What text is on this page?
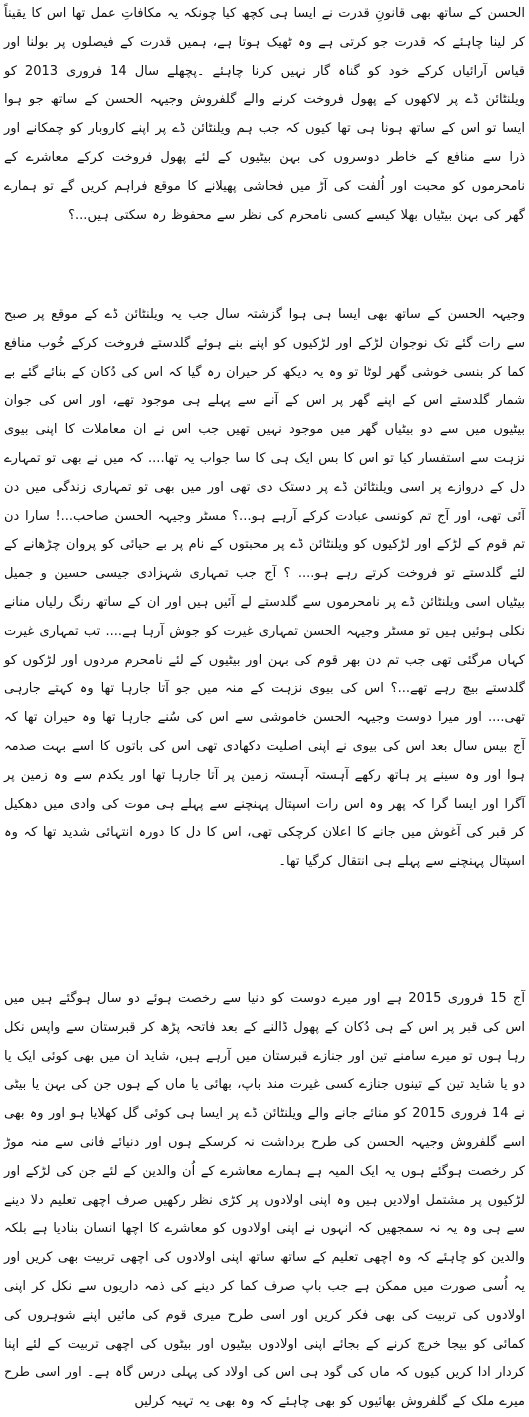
الحسن کے ساتھ بھی قانونِ قدرت نے ایسا ہی کچھ کیا چونکہ یہ مکافاتِ عمل تھا اس کا یقیناً کر لینا چاہئے کہ قدرت جو کرتی ہے وہ ٹھیک ہوتا ہے، ہمیں قدرت کے فیصلوں پر بولنا اور قیاس آرائیاں کرکے خود کو گناہ گار نہیں کرنا چاہئے ۔پچھلے سال 14 فروری 2013 کو ویلنٹائن ڈے پر لاکھوں کے پھول فروخت کرنے والے گلفروش وجیہہ الحسن کے ساتھ جو ہوا ایسا تو اس کے ساتھ ہونا ہی تھا کیوں کہ جب ہم ویلنٹائن ڈے پر اپنے کاروبار کو چمکانے اور ذرا سے منافع کے خاطر دوسروں کی بہن بیٹیوں کے لئے پھول فروخت کرکے معاشرے کے نامحرموں کو محبت اور اُلفت کی آڑ میں فحاشی پھیلانے کا موقع فراہم کریں گے تو ہمارے گھر کی بہن بیٹیاں بھلا کیسے کسی نامحرم کی نظر سے محفوظ رہ سکتی ہیں...؟

وجیہہ الحسن کے ساتھ بھی ایسا ہی ہوا گزشتہ سال جب یہ ویلنٹائن ڈے کے موقع پر صبح سے رات گئے تک نوجوان لڑکے اور لڑکیوں کو اپنے بنے ہوئے گلدستے فروخت کرکے خُوب منافع کما کر بنسی خوشی گھر لوٹا تو وہ یہ دیکھ کر حیران رہ گیا کہ اس کی دُکان کے بنائے گئے بے شمار گلدستے اس کے اپنے گھر پر اس کے آنے سے پہلے ہی موجود تھے، اور اس کی جوان بیٹیوں میں سے دو بیٹیاں گھر میں موجود نہیں تھیں جب اس نے ان معاملات کا اپنی بیوی نزہت سے استفسار کیا تو اس کا بس ایک ہی کا سا جواب یہ تھا.... کہ میں نے بھی تو تمہارے دل کے دروازے پر اسی ویلنٹائن ڈے پر دستک دی تھی اور میں بھی تو تمہاری زندگی میں دن آئی تھی، اور آج تم کونسی عبادت کرکے آرہے ہو...؟ مسٹر وجیہہ الحسن صاحب...! سارا دن تم قوم کے لڑکے اور لڑکیوں کو ویلنٹائن ڈے پر محبتوں کے نام پر بے حیائی کو پروان چڑھانے کے لئے گلدستے تو فروخت کرتے رہے ہو.... ؟ آج جب تمہاری شہزادی جیسی حسین و جمیل بیٹیاں اسی ویلنٹائن ڈے پر نامحرموں سے گلدستے لے آئیں ہیں اور ان کے ساتھ رنگ رلیاں منانے نکلی ہوئیں ہیں تو مسٹر وجیہہ الحسن تمہاری غیرت کو جوش آرہا ہے.... تب تمہاری غیرت کہاں مرگئی تھی جب تم دن بھر قوم کی بہن اور بیٹیوں کے لئے نامحرم مردوں اور لڑکوں کو گلدستے بیچ رہے تھے...؟ اس کی بیوی نزہت کے منہ میں جو آتا جارہا تھا وہ کہتے جارہی تھی.... اور میرا دوست وجیہہ الحسن خاموشی سے اس کی سُنے جارہا تھا وہ حیران تھا کہ آج بیس سال بعد اس کی بیوی نے اپنی اصلیت دکھادی تھی اس کی باتوں کا اسے بہت صدمہ ہوا اور وہ سینے پر ہاتھ رکھے آہستہ آہستہ زمین پر آتا جارہا تھا اور یکدم سے وہ زمین پر آگرا اور ایسا گرا کہ پھر وہ اس رات اسپتال پہنچنے سے پہلے ہی موت کی وادی میں دھکیل کر قبر کی آغوش میں جانے کا اعلان کرچکی تھی، اس کا دل کا دورہ انتہائی شدید تھا کہ وہ اسپتال پہنچنے سے پہلے ہی انتقال کرگیا تھا۔

آج 15 فروری 2015 ہے اور میرے دوست کو دنیا سے رخصت ہوئے دو سال ہوگئے ہیں میں اس کی قبر پر اس کے ہی دُکان کے پھول ڈالنے کے بعد فاتحہ پڑھ کر قبرستان سے واپس نکل رہا ہوں تو میرے سامنے تین اور جنازے قبرستان میں آرہے ہیں، شاید ان میں بھی کوئی ایک یا دو یا شاید تین کے تینوں جنازے کسی غیرت مند باپ، بھائی یا ماں کے ہوں جن کی بہن یا بیٹی نے 14 فروری 2015 کو منائے جانے والے ویلنٹائن ڈے پر ایسا ہی کوئی گل کھلایا ہو اور وہ بھی اسے گلفروش وجیہہ الحسن کی طرح برداشت نہ کرسکے ہوں اور دنیائے فانی سے منہ موڑ کر رخصت ہوگئے ہوں یہ ایک المیہ ہے ہمارے معاشرے کے اُن والدین کے لئے جن کی لڑکے اور لڑکیوں پر مشتمل اولادیں ہیں وہ اپنی اولادوں پر کڑی نظر رکھیں صرف اچھی تعلیم دلا دینے سے ہی وہ یہ نہ سمجھیں کہ انہوں نے اپنی اولادوں کو معاشرے کا اچھا انسان بنادیا ہے بلکہ والدین کو چاہئے کہ وہ اچھی تعلیم کے ساتھ ساتھ اپنی اولادوں کی اچھی تربیت بھی کریں اور یہ اُسی صورت میں ممکن ہے جب باپ صرف کما کر دینے کی ذمہ داریوں سے نکل کر اپنی اولادوں کی تربیت کی بھی فکر کریں اور اسی طرح میری قوم کی مائیں اپنے شوہروں کی کمائی کو بیجا خرچ کرنے کے بجائے اپنی اولادوں بیٹیوں اور بیٹوں کی اچھی تربیت کے لئے اپنا کردار ادا کریں کیوں کہ ماں کی گود ہی اس کی اولاد کی پہلی درس گاہ ہے۔ اور اسی طرح میرے ملک کے گلفروش بھائیوں کو بھی چاہئے کہ وہ بھی یہ تہیہ کرلیں
